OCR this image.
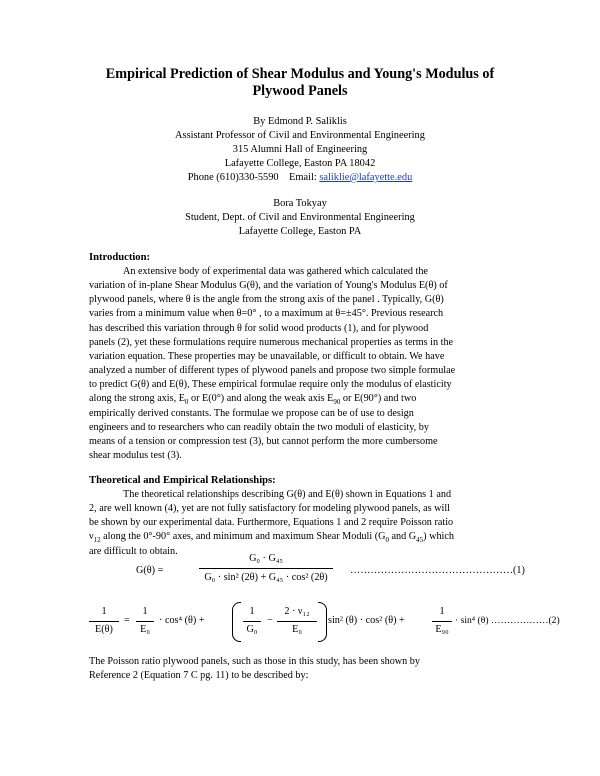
Empirical Prediction of Shear Modulus and Young's Modulus of
Plywood Panels
By Edmond P. Saliklis
Assistant Professor of Civil and Environmental Engineering
315 Alumni Hall of Engineering
Lafayette College, Easton PA 18042
Phone (610)330-5590    Email: saliklie@lafayette.edu
Bora Tokyay
Student, Dept. of Civil and Environmental Engineering
Lafayette College, Easton PA
Introduction:
An extensive body of experimental data was gathered which calculated the
variation of in-plane Shear Modulus G(θ), and the variation of Young's Modulus E(θ) of
plywood panels, where θ is the angle from the strong axis of the panel . Typically, G(θ)
varies from a minimum value when θ=0° , to a maximum at θ=±45°. Previous research
has described this variation through θ for solid wood products (1), and for plywood
panels (2), yet these formulations require numerous mechanical properties as terms in the
variation equation. These properties may be unavailable, or difficult to obtain. We have
analyzed a number of different types of plywood panels and propose two simple formulae
to predict G(θ) and E(θ), These empirical formulae require only the modulus of elasticity
along the strong axis, $E_0$ or E(0°) and along the weak axis $E_{90}$ or E(90°) and two
empirically derived constants. The formulae we propose can be of use to design
engineers and to researchers who can readily obtain the two moduli of elasticity, by
means of a tension or compression test (3), but cannot perform the more cumbersome
shear modulus test (3).
Theoretical and Empirical Relationships:
The theoretical relationships describing G(θ) and E(θ) shown in Equations 1 and
2, are well known (4), yet are not fully satisfactory for modeling plywood panels, as will
be shown by our experimental data. Furthermore, Equations 1 and 2 require Poisson ratio
$\nu_{12}$ along the 0°-90° axes, and minimum and maximum Shear Moduli ($G_0$ and $G_{45}$) which
are difficult to obtain.
G(θ) =
G₀ · G₄₅
G₀ · sin² (2θ) + G₄₅ · cos² (2θ)
…………………………………………(1)
1
E(θ)
=
1
E₀
· cos⁴ (θ) +
1
G₀
−
2 · ν₁₂
E₀
sin² (θ) · cos² (θ) +
1
E₉₀
· sin⁴ (θ) ………………(2)
The Poisson ratio plywood panels, such as those in this study, has been shown by
Reference 2 (Equation 7 C pg. 11) to be described by:
